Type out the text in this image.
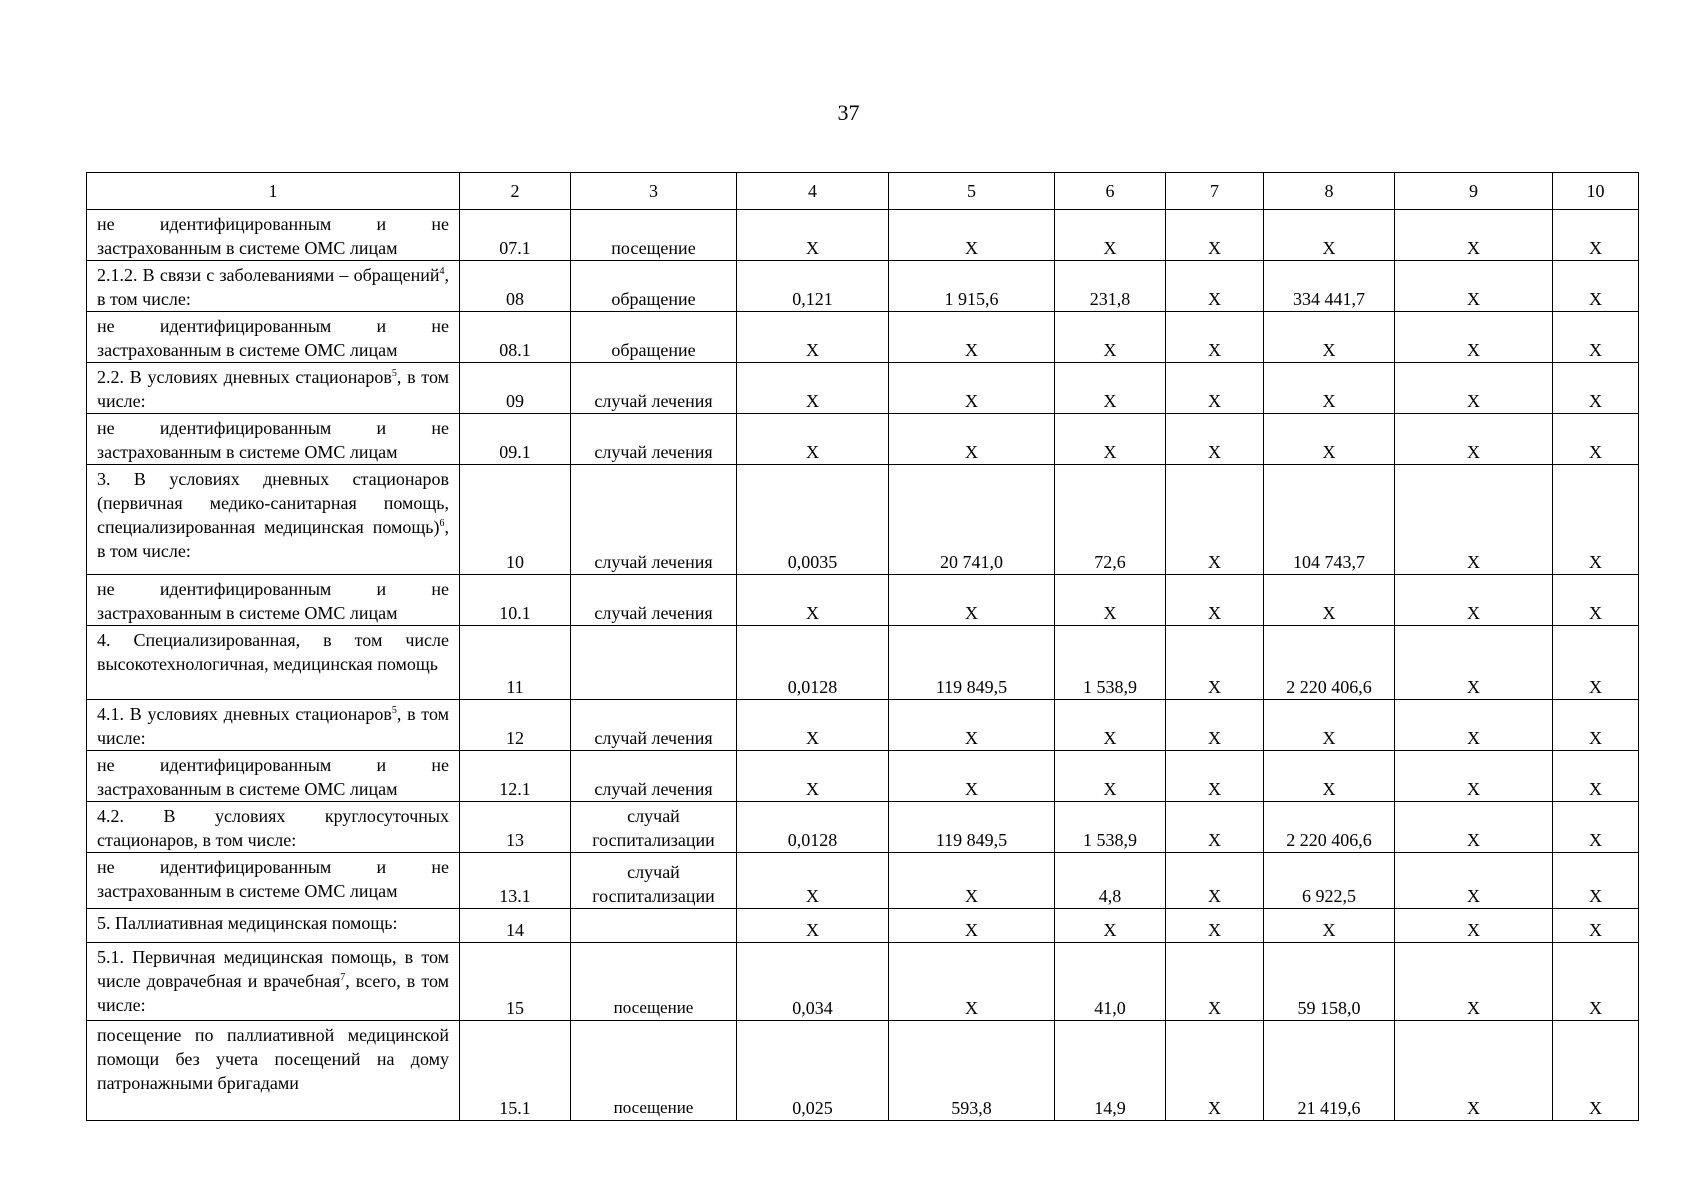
37
1	2	3	4	5	6	7	8	9	10
не идентифицированным и не застрахованным в системе ОМС лицам	07.1	посещение	Х	Х	Х	Х	Х	Х	Х
2.1.2. В связи с заболеваниями – обращений$^4$, в том числе:	08	обращение	0,121	1 915,6	231,8	Х	334 441,7	Х	Х
не идентифицированным и не застрахованным в системе ОМС лицам	08.1	обращение	Х	Х	Х	Х	Х	Х	Х
2.2. В условиях дневных стационаров$^5$, в том числе:	09	случай лечения	Х	Х	Х	Х	Х	Х	Х
не идентифицированным и не застрахованным в системе ОМС лицам	09.1	случай лечения	Х	Х	Х	Х	Х	Х	Х
3. В условиях дневных стационаров (первичная медико-санитарная помощь, специализированная медицинская помощь)$^6$, в том числе:	10	случай лечения	0,0035	20 741,0	72,6	Х	104 743,7	Х	Х
не идентифицированным и не застрахованным в системе ОМС лицам	10.1	случай лечения	Х	Х	Х	Х	Х	Х	Х
4. Специализированная, в том числе высокотехнологичная, медицинская помощь	11		0,0128	119 849,5	1 538,9	Х	2 220 406,6	Х	Х
4.1. В условиях дневных стационаров$^5$, в том числе:	12	случай лечения	Х	Х	Х	Х	Х	Х	Х
не идентифицированным и не застрахованным в системе ОМС лицам	12.1	случай лечения	Х	Х	Х	Х	Х	Х	Х
4.2. В условиях круглосуточных стационаров, в том числе:	13	случай госпитализации	0,0128	119 849,5	1 538,9	Х	2 220 406,6	Х	Х
не идентифицированным и не застрахованным в системе ОМС лицам	13.1	случай госпитализации	Х	Х	4,8	Х	6 922,5	Х	Х
5. Паллиативная медицинская помощь:	14		Х	Х	Х	Х	Х	Х	Х
5.1. Первичная медицинская помощь, в том числе доврачебная и врачебная$^7$, всего, в том числе:	15	посещение	0,034	Х	41,0	Х	59 158,0	Х	Х
посещение по паллиативной медицинской помощи без учета посещений на дому патронажными бригадами	15.1	посещение	0,025	593,8	14,9	Х	21 419,6	Х	Х
